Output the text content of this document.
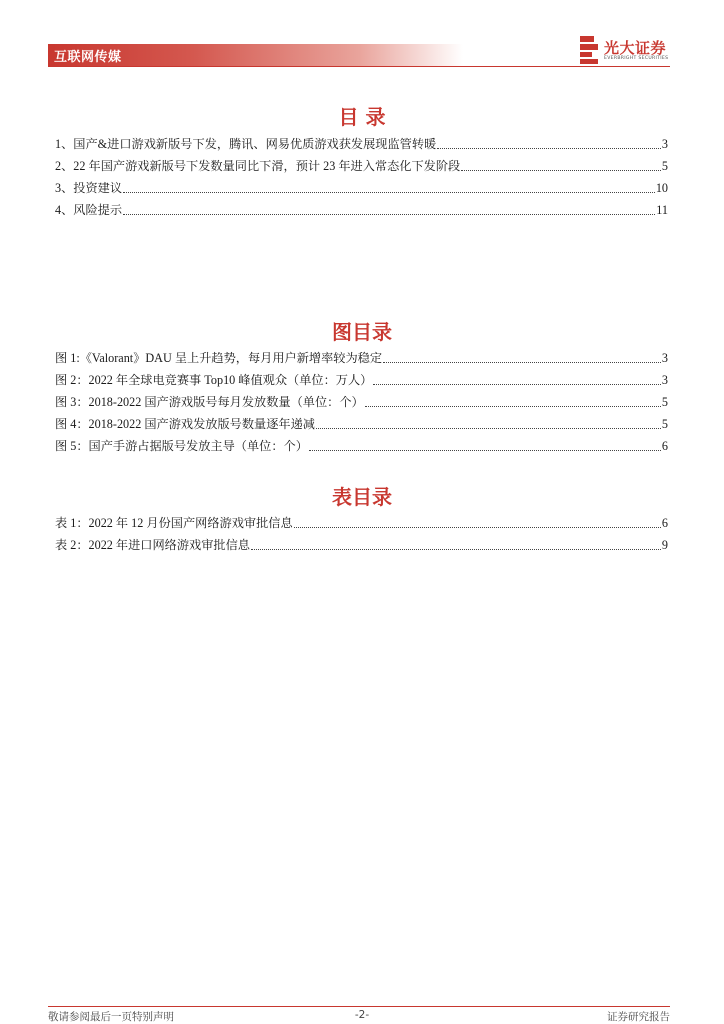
互联网传媒
光大证券
EVERBRIGHT SECURITIES
目 录
1、国产&进口游戏新版号下发，腾讯、网易优质游戏获发展现监管转暖	3
2、22 年国产游戏新版号下发数量同比下滑，预计 23 年进入常态化下发阶段	5
3、投资建议	10
4、风险提示	11
图目录
图 1:《Valorant》DAU 呈上升趋势，每月用户新增率较为稳定	3
图 2：2022 年全球电竞赛事 Top10 峰值观众（单位：万人）	3
图 3：2018-2022 国产游戏版号每月发放数量（单位：个）	5
图 4：2018-2022 国产游戏发放版号数量逐年递减	5
图 5：国产手游占据版号发放主导（单位：个）	6
表目录
表 1：2022 年 12 月份国产网络游戏审批信息	6
表 2：2022 年进口网络游戏审批信息	9
敬请参阅最后一页特别声明	-2-	证券研究报告
